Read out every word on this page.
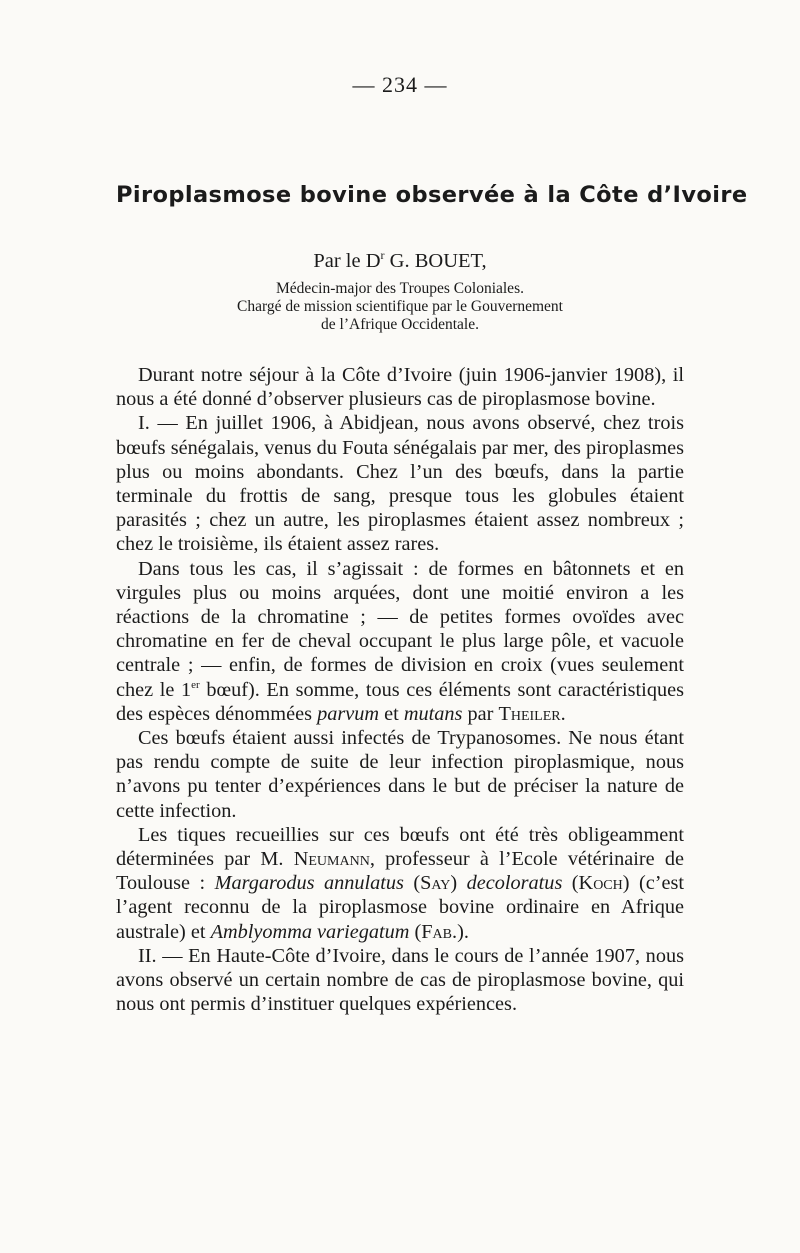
— 234 —
Piroplasmose bovine observée à la Côte d’Ivoire
Par le $D^r$ G. BOUET,
Médecin-major des Troupes Coloniales.
Chargé de mission scientifique par le Gouvernement
de l’Afrique Occidentale.

Durant notre séjour à la Côte d’Ivoire (juin 1906-janvier 1908), il nous a été donné d’observer plusieurs cas de piroplasmose bovine.

I. — En juillet 1906, à Abidjean, nous avons observé, chez trois bœufs sénégalais, venus du Fouta sénégalais par mer, des piroplasmes plus ou moins abondants. Chez l’un des bœufs, dans la partie terminale du frottis de sang, presque tous les globules étaient parasités ; chez un autre, les piroplasmes étaient assez nombreux ; chez le troisième, ils étaient assez rares.

Dans tous les cas, il s’agissait : de formes en bâtonnets et en virgules plus ou moins arquées, dont une moitié environ a les réactions de la chromatine ; — de petites formes ovoïdes avec chromatine en fer de cheval occupant le plus large pôle, et vacuole centrale ; — enfin, de formes de division en croix (vues seulement chez le 1er bœuf). En somme, tous ces éléments sont caractéristiques des espèces dénommées parvum et mutans par Theiler.

Ces bœufs étaient aussi infectés de Trypanosomes. Ne nous étant pas rendu compte de suite de leur infection piroplasmique, nous n’avons pu tenter d’expériences dans le but de préciser la nature de cette infection.

Les tiques recueillies sur ces bœufs ont été très obligeamment déterminées par M. Neumann, professeur à l’Ecole vétérinaire de Toulouse : Margarodus annulatus (Say) decoloratus (Koch) (c’est l’agent reconnu de la piroplasmose bovine ordinaire en Afrique australe) et Amblyomma variegatum (Fab.).

II. — En Haute-Côte d’Ivoire, dans le cours de l’année 1907, nous avons observé un certain nombre de cas de piroplasmose bovine, qui nous ont permis d’instituer quelques expériences.
